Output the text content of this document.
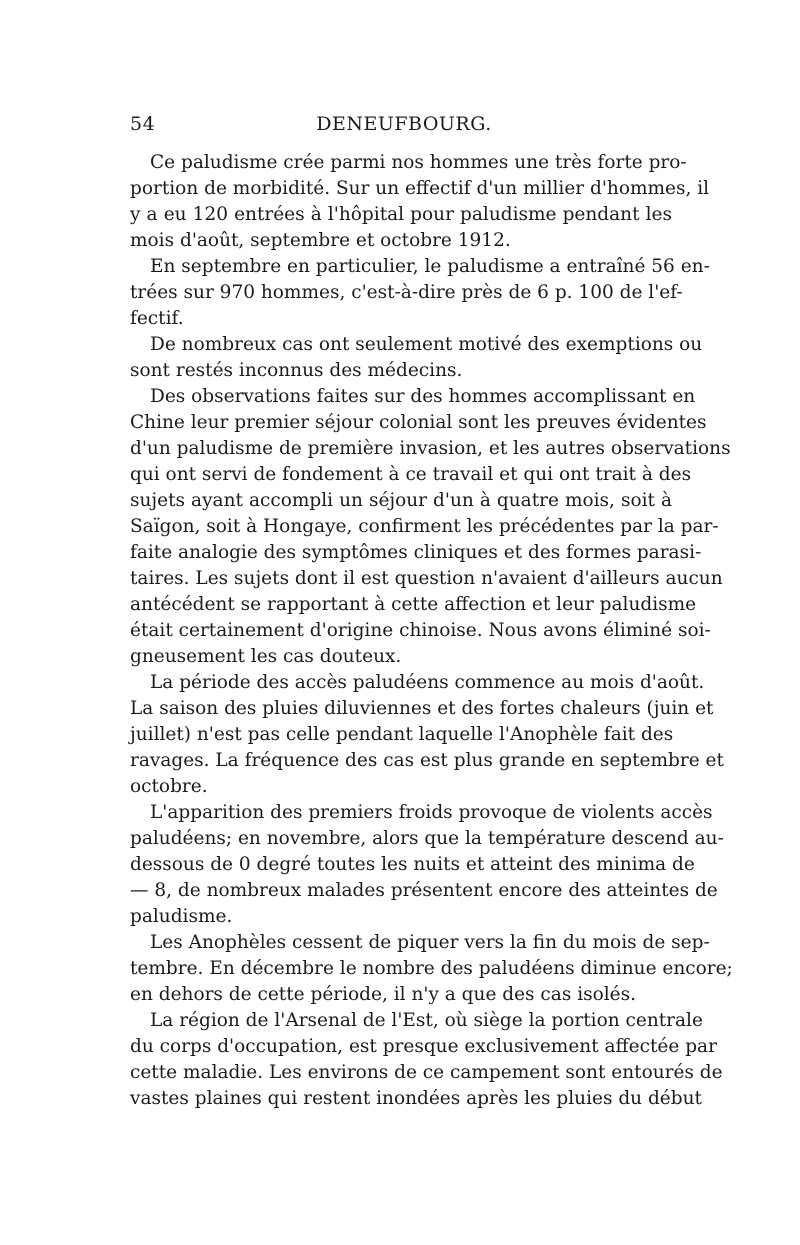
54	DENEUFBOURG.
Ce paludisme crée parmi nos hommes une très forte pro-
portion de morbidité. Sur un effectif d'un millier d'hommes, il
y a eu 120 entrées à l'hôpital pour paludisme pendant les
mois d'août, septembre et octobre 1912.
En septembre en particulier, le paludisme a entraîné 56 en-
trées sur 970 hommes, c'est-à-dire près de 6 p. 100 de l'ef-
fectif.
De nombreux cas ont seulement motivé des exemptions ou
sont restés inconnus des médecins.
Des observations faites sur des hommes accomplissant en
Chine leur premier séjour colonial sont les preuves évidentes
d'un paludisme de première invasion, et les autres observations
qui ont servi de fondement à ce travail et qui ont trait à des
sujets ayant accompli un séjour d'un à quatre mois, soit à
Saïgon, soit à Hongaye, confirment les précédentes par la par-
faite analogie des symptômes cliniques et des formes parasi-
taires. Les sujets dont il est question n'avaient d'ailleurs aucun
antécédent se rapportant à cette affection et leur paludisme
était certainement d'origine chinoise. Nous avons éliminé soi-
gneusement les cas douteux.
La période des accès paludéens commence au mois d'août.
La saison des pluies diluviennes et des fortes chaleurs (juin et
juillet) n'est pas celle pendant laquelle l'Anophèle fait des
ravages. La fréquence des cas est plus grande en septembre et
octobre.
L'apparition des premiers froids provoque de violents accès
paludéens; en novembre, alors que la température descend au-
dessous de 0 degré toutes les nuits et atteint des minima de
— 8, de nombreux malades présentent encore des atteintes de
paludisme.
Les Anophèles cessent de piquer vers la fin du mois de sep-
tembre. En décembre le nombre des paludéens diminue encore;
en dehors de cette période, il n'y a que des cas isolés.
La région de l'Arsenal de l'Est, où siège la portion centrale
du corps d'occupation, est presque exclusivement affectée par
cette maladie. Les environs de ce campement sont entourés de
vastes plaines qui restent inondées après les pluies du début
